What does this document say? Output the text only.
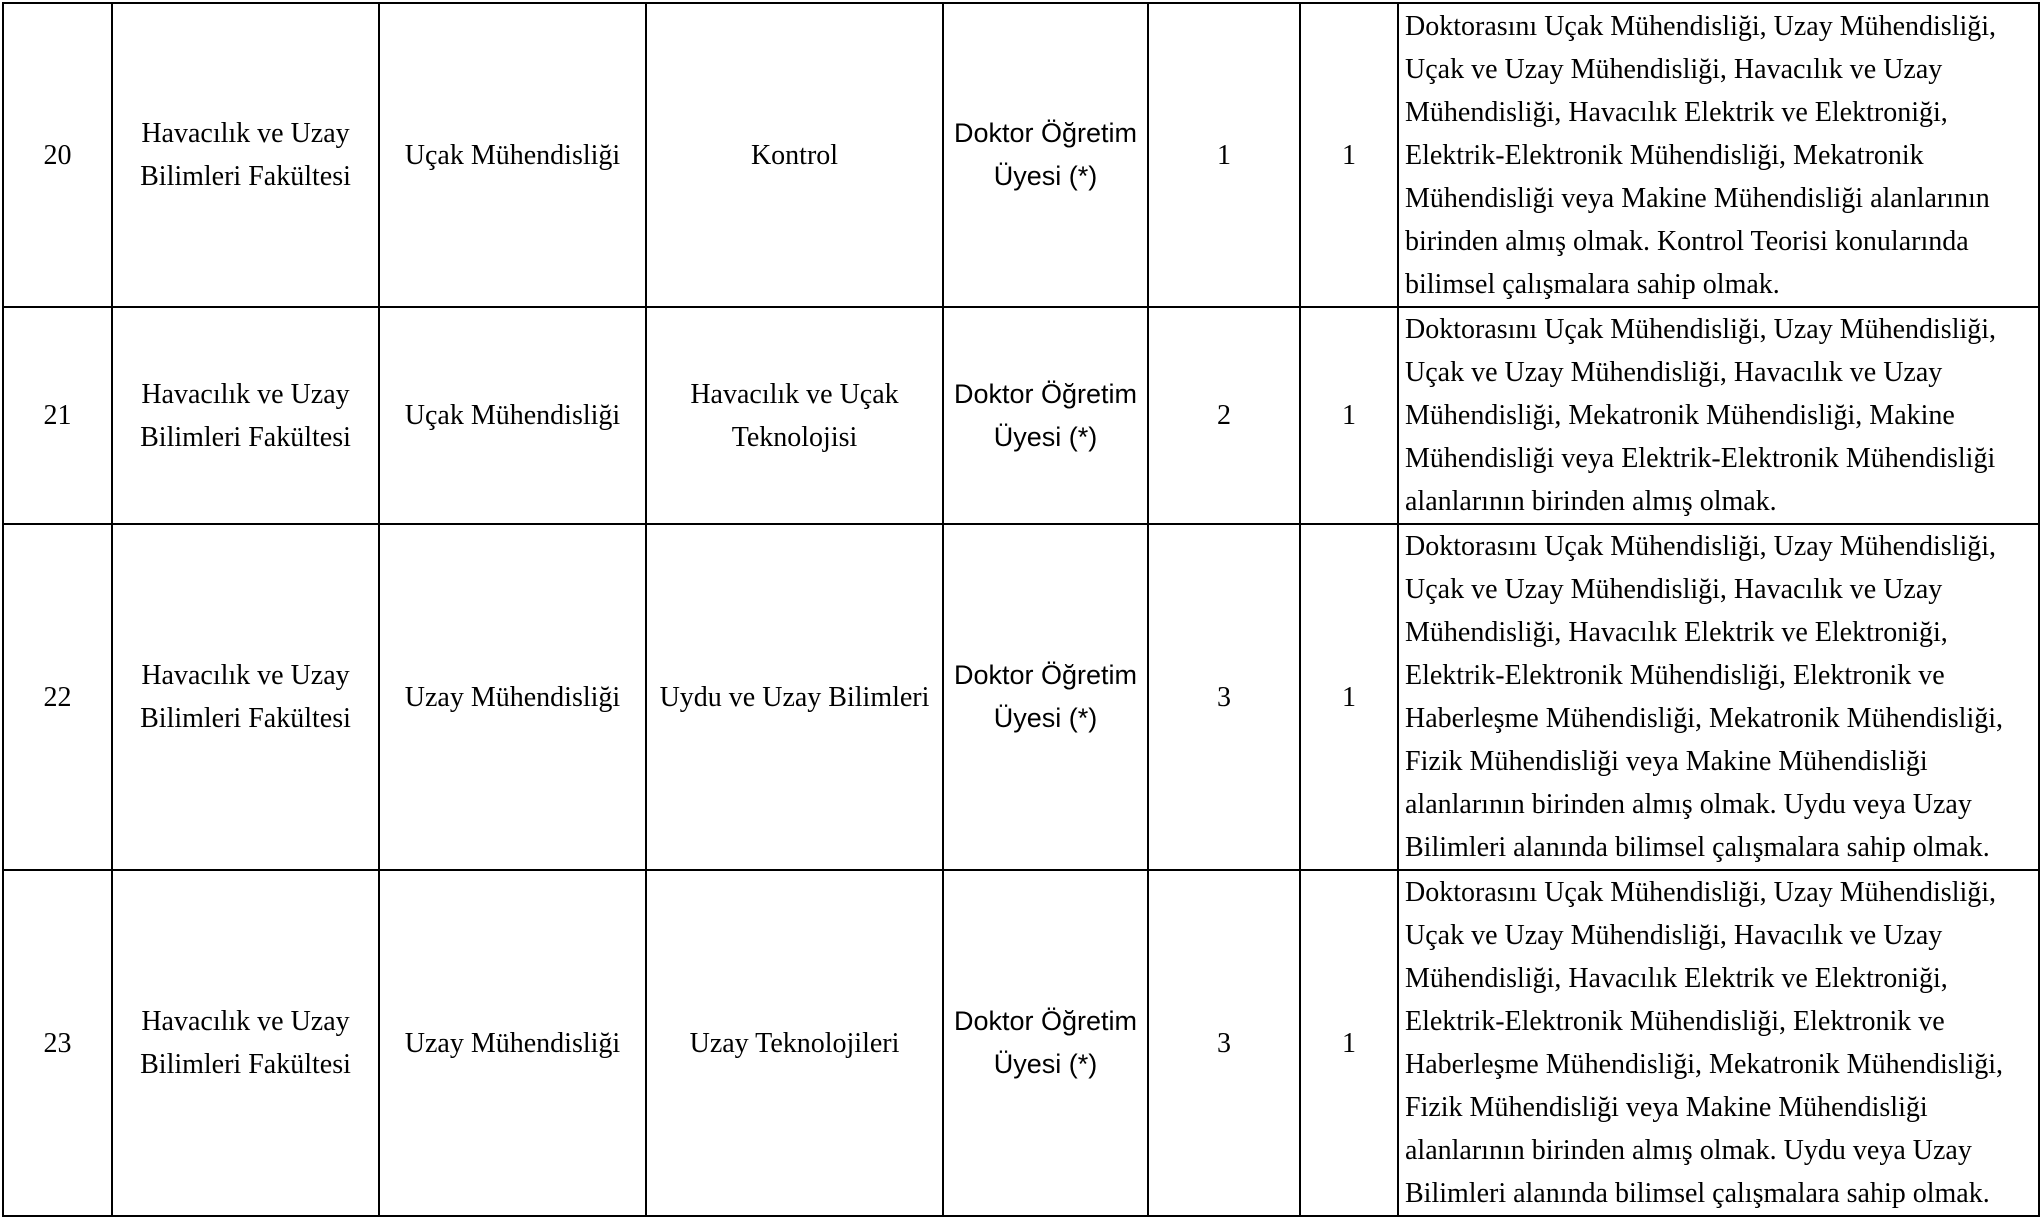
20	Havacılık ve Uzay Bilimleri Fakültesi	Uçak Mühendisliği	Kontrol	Doktor Öğretim Üyesi (*)	1	1	Doktorasını Uçak Mühendisliği, Uzay Mühendisliği, Uçak ve Uzay Mühendisliği, Havacılık ve Uzay Mühendisliği, Havacılık Elektrik ve Elektroniği, Elektrik-Elektronik Mühendisliği, Mekatronik Mühendisliği veya Makine Mühendisliği alanlarının birinden almış olmak. Kontrol Teorisi konularında bilimsel çalışmalara sahip olmak.
21	Havacılık ve Uzay Bilimleri Fakültesi	Uçak Mühendisliği	Havacılık ve Uçak Teknolojisi	Doktor Öğretim Üyesi (*)	2	1	Doktorasını Uçak Mühendisliği, Uzay Mühendisliği, Uçak ve Uzay Mühendisliği, Havacılık ve Uzay Mühendisliği, Mekatronik Mühendisliği, Makine Mühendisliği veya Elektrik-Elektronik Mühendisliği alanlarının birinden almış olmak.
22	Havacılık ve Uzay Bilimleri Fakültesi	Uzay Mühendisliği	Uydu ve Uzay Bilimleri	Doktor Öğretim Üyesi (*)	3	1	Doktorasını Uçak Mühendisliği, Uzay Mühendisliği, Uçak ve Uzay Mühendisliği, Havacılık ve Uzay Mühendisliği, Havacılık Elektrik ve Elektroniği, Elektrik-Elektronik Mühendisliği, Elektronik ve Haberleşme Mühendisliği, Mekatronik Mühendisliği, Fizik Mühendisliği veya Makine Mühendisliği alanlarının birinden almış olmak. Uydu veya Uzay Bilimleri alanında bilimsel çalışmalara sahip olmak.
23	Havacılık ve Uzay Bilimleri Fakültesi	Uzay Mühendisliği	Uzay Teknolojileri	Doktor Öğretim Üyesi (*)	3	1	Doktorasını Uçak Mühendisliği, Uzay Mühendisliği, Uçak ve Uzay Mühendisliği, Havacılık ve Uzay Mühendisliği, Havacılık Elektrik ve Elektroniği, Elektrik-Elektronik Mühendisliği, Elektronik ve Haberleşme Mühendisliği, Mekatronik Mühendisliği, Fizik Mühendisliği veya Makine Mühendisliği alanlarının birinden almış olmak. Uydu veya Uzay Bilimleri alanında bilimsel çalışmalara sahip olmak.
